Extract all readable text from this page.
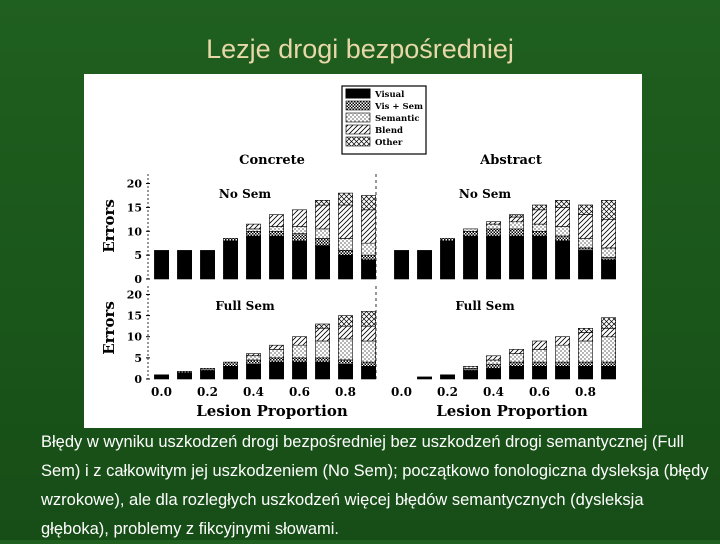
Lezje drogi bezpośredniej
Visual
Vis + Sem
Semantic
Blend
Other
Concrete	Abstract
Errors
Errors
Lesion Proportion	Lesion Proportion
No Sem
0
5
10
15
20
No Sem
Full Sem
0
5
10
15
20
0.0 0.2 0.4 0.6 0.8
Full Sem
0.0 0.2 0.4 0.6 0.8
Błędy w wyniku uszkodzeń drogi bezpośredniej bez uszkodzeń drogi semantycznej (Full Sem) i z całkowitym jej uszkodzeniem (No Sem); początkowo fonologiczna dysleksja (błędy wzrokowe), ale dla rozległych uszkodzeń więcej błędów semantycznych (dysleksja głęboka), problemy z fikcyjnymi słowami.
